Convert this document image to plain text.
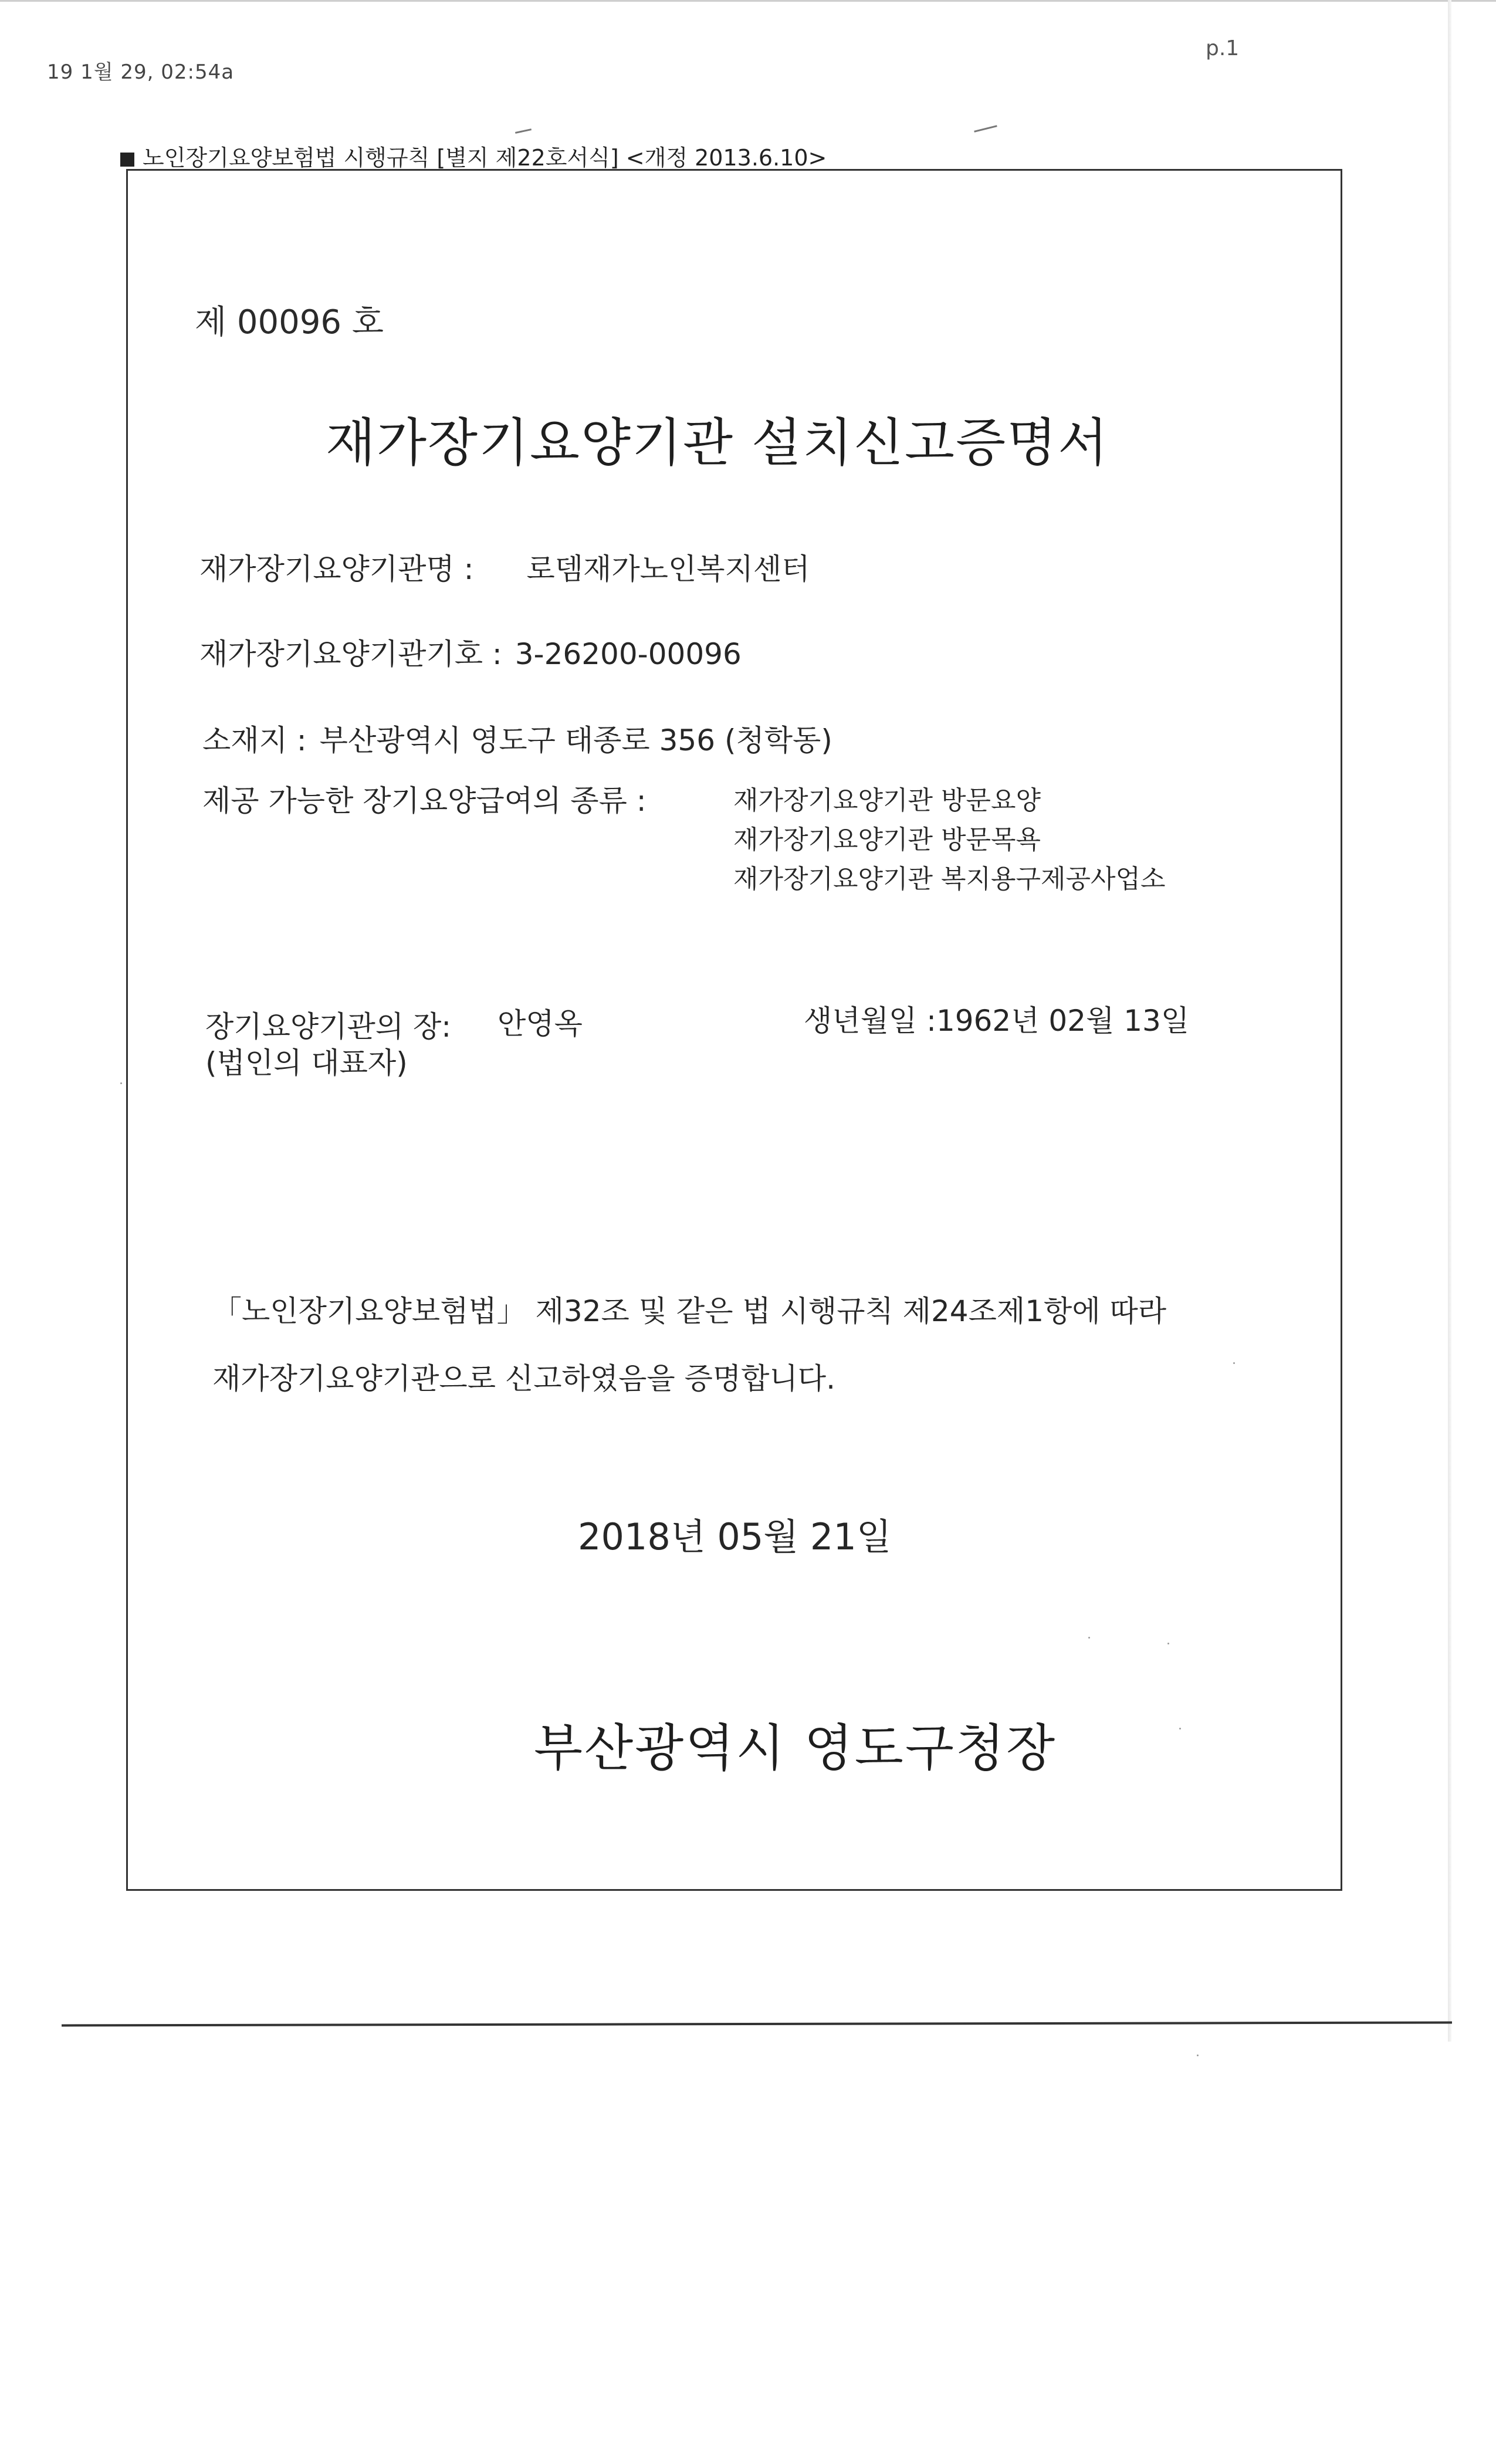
19 1월 29, 02:54a
p.1
노인장기요양보험법 시행규칙 [별지 제22호서식] <개정 2013.6.10>
제 00096 호
재가장기요양기관 설치신고증명서
재가장기요양기관명 : 로뎀재가노인복지센터
재가장기요양기관기호 : 3-26200-00096
소재지 : 부산광역시 영도구 태종로 356 (청학동)
제공 가능한 장기요양급여의 종류 :	재가장기요양기관 방문요양
재가장기요양기관 방문목욕
재가장기요양기관 복지용구제공사업소
장기요양기관의 장: 안영옥
(법인의 대표자)
생년월일 :1962년 02월 13일
「노인장기요양보험법」 제32조 및 같은 법 시행규칙 제24조제1항에 따라
재가장기요양기관으로 신고하였음을 증명합니다.
2018년 05월 21일
부산광역시 영도구청장
